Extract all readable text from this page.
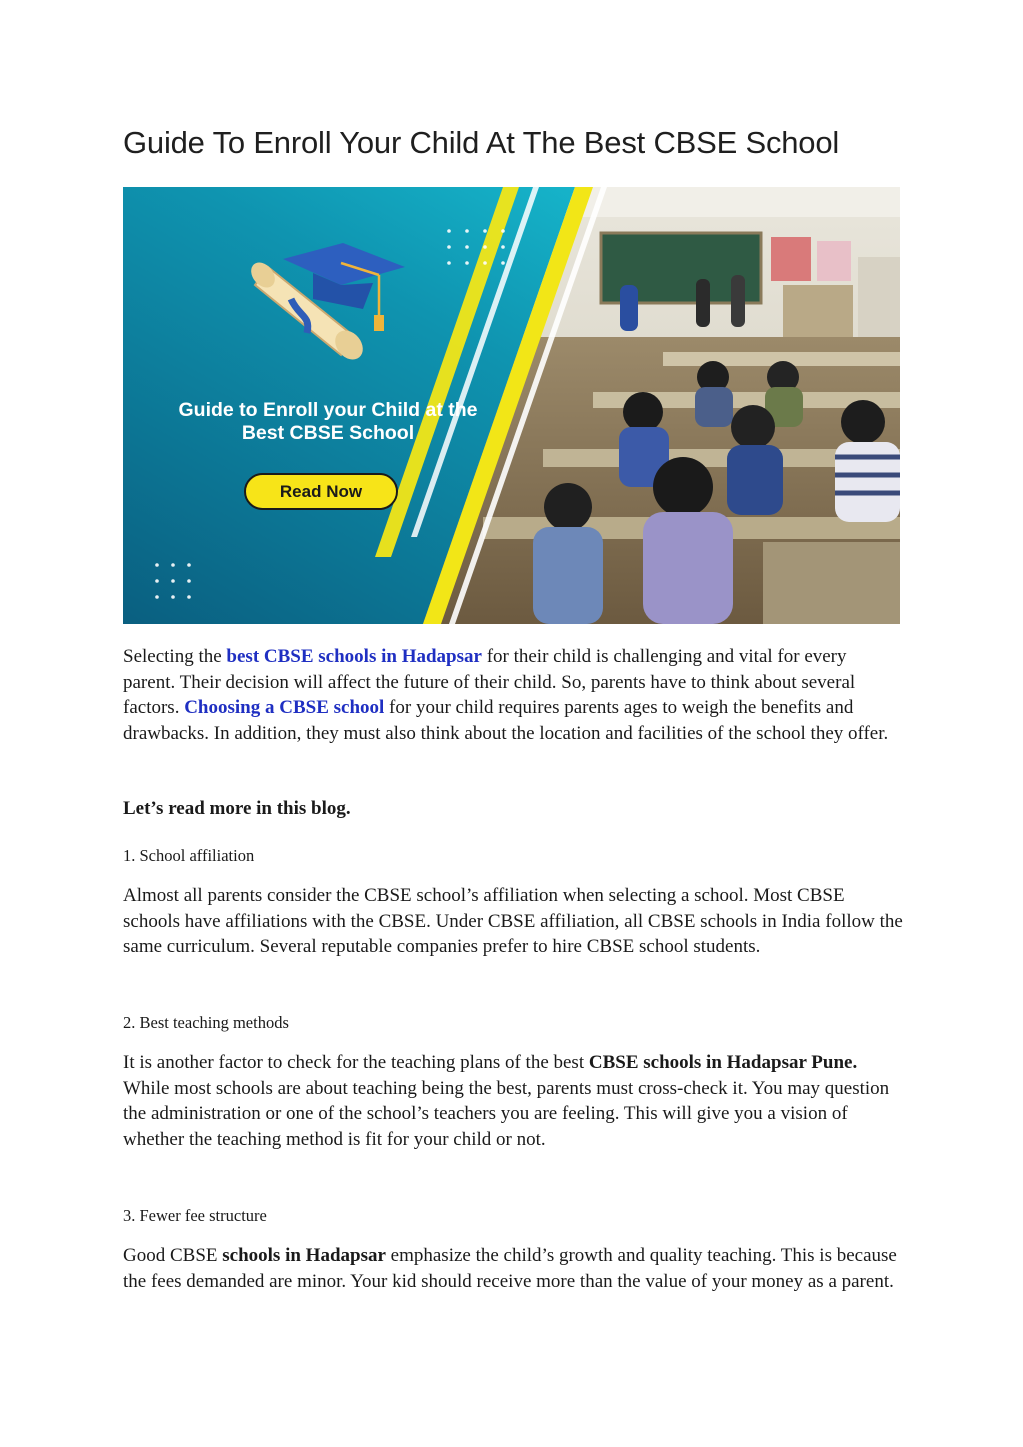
Guide To Enroll Your Child At The Best CBSE School
Guide to Enroll your Child at the
Best CBSE School
Read Now

Selecting the best CBSE schools in Hadapsar for their child is challenging and vital for every parent. Their decision will affect the future of their child. So, parents have to think about several factors. Choosing a CBSE school for your child requires parents ages to weigh the benefits and drawbacks. In addition, they must also think about the location and facilities of the school they offer.

Let’s read more in this blog.

1. School affiliation

Almost all parents consider the CBSE school’s affiliation when selecting a school. Most CBSE schools have affiliations with the CBSE. Under CBSE affiliation, all CBSE schools in India follow the same curriculum. Several reputable companies prefer to hire CBSE school students.

2. Best teaching methods

It is another factor to check for the teaching plans of the best CBSE schools in Hadapsar Pune. While most schools are about teaching being the best, parents must cross-check it. You may question the administration or one of the school’s teachers you are feeling. This will give you a vision of whether the teaching method is fit for your child or not.

3. Fewer fee structure

Good CBSE schools in Hadapsar emphasize the child’s growth and quality teaching. This is because the fees demanded are minor. Your kid should receive more than the value of your money as a parent.
